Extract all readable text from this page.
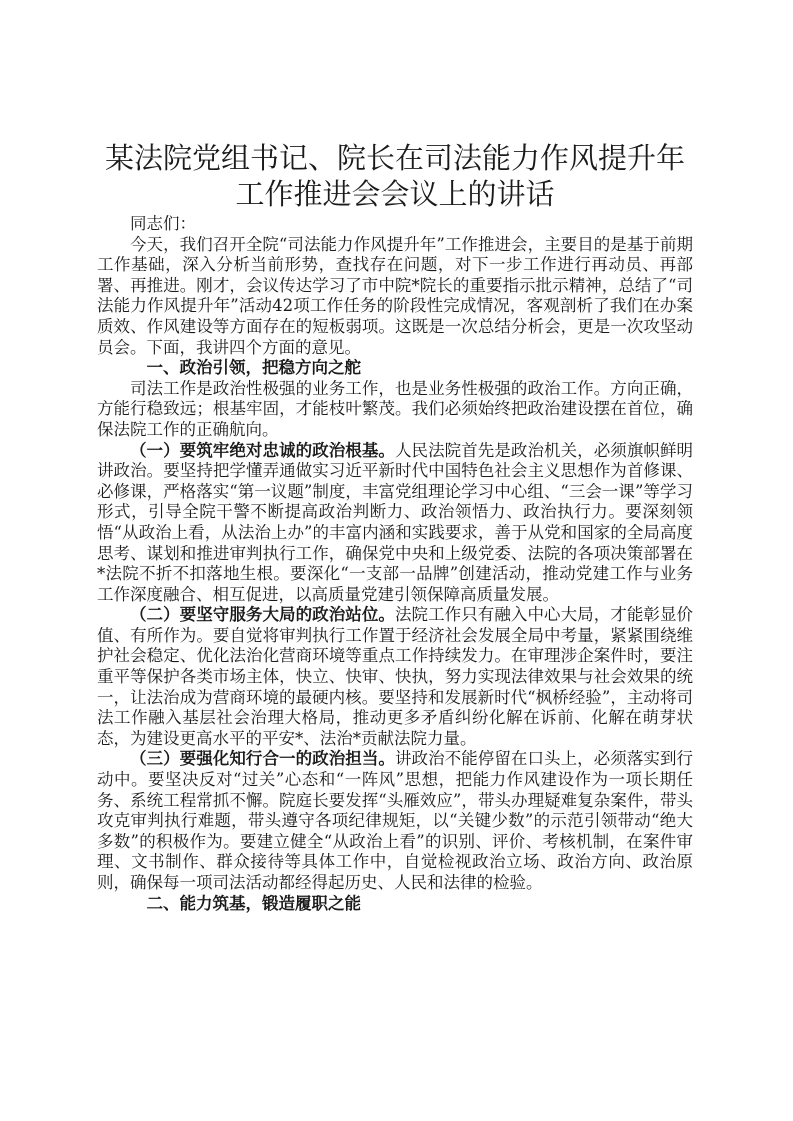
某法院党组书记、院长在司法能力作风提升年
工作推进会会议上的讲话

同志们：

今天，我们召开全院“司法能力作风提升年”工作推进会，主要目的是基于前期工作基础，深入分析当前形势，查找存在问题，对下一步工作进行再动员、再部署、再推进。刚才，会议传达学习了市中院*院长的重要指示批示精神，总结了“司法能力作风提升年”活动42项工作任务的阶段性完成情况，客观剖析了我们在办案质效、作风建设等方面存在的短板弱项。这既是一次总结分析会，更是一次攻坚动员会。下面，我讲四个方面的意见。

一、政治引领，把稳方向之舵

司法工作是政治性极强的业务工作，也是业务性极强的政治工作。方向正确，方能行稳致远；根基牢固，才能枝叶繁茂。我们必须始终把政治建设摆在首位，确保法院工作的正确航向。

（一）要筑牢绝对忠诚的政治根基。人民法院首先是政治机关，必须旗帜鲜明讲政治。要坚持把学懂弄通做实习近平新时代中国特色社会主义思想作为首修课、必修课，严格落实“第一议题”制度，丰富党组理论学习中心组、“三会一课”等学习形式，引导全院干警不断提高政治判断力、政治领悟力、政治执行力。要深刻领悟“从政治上看，从法治上办”的丰富内涵和实践要求，善于从党和国家的全局高度思考、谋划和推进审判执行工作，确保党中央和上级党委、法院的各项决策部署在*法院不折不扣落地生根。要深化“一支部一品牌”创建活动，推动党建工作与业务工作深度融合、相互促进，以高质量党建引领保障高质量发展。

（二）要坚守服务大局的政治站位。法院工作只有融入中心大局，才能彰显价值、有所作为。要自觉将审判执行工作置于经济社会发展全局中考量，紧紧围绕维护社会稳定、优化法治化营商环境等重点工作持续发力。在审理涉企案件时，要注重平等保护各类市场主体，快立、快审、快执，努力实现法律效果与社会效果的统一，让法治成为营商环境的最硬内核。要坚持和发展新时代“枫桥经验”，主动将司法工作融入基层社会治理大格局，推动更多矛盾纠纷化解在诉前、化解在萌芽状态，为建设更高水平的平安*、法治*贡献法院力量。

（三）要强化知行合一的政治担当。讲政治不能停留在口头上，必须落实到行动中。要坚决反对“过关”心态和“一阵风”思想，把能力作风建设作为一项长期任务、系统工程常抓不懈。院庭长要发挥“头雁效应”，带头办理疑难复杂案件，带头攻克审判执行难题，带头遵守各项纪律规矩，以“关键少数”的示范引领带动“绝大多数”的积极作为。要建立健全“从政治上看”的识别、评价、考核机制，在案件审理、文书制作、群众接待等具体工作中，自觉检视政治立场、政治方向、政治原则，确保每一项司法活动都经得起历史、人民和法律的检验。

二、能力筑基，锻造履职之能
